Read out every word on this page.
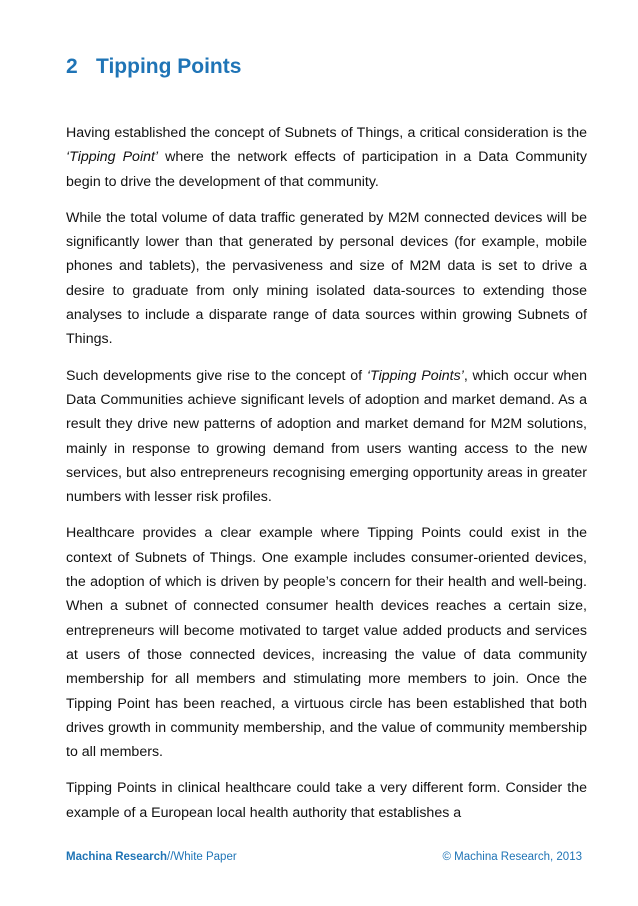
2 Tipping Points

Having established the concept of Subnets of Things, a critical consideration is the ‘Tipping Point’ where the network effects of participation in a Data Community begin to drive the development of that community.

While the total volume of data traffic generated by M2M connected devices will be significantly lower than that generated by personal devices (for example, mobile phones and tablets), the pervasiveness and size of M2M data is set to drive a desire to graduate from only mining isolated data-sources to extending those analyses to include a disparate range of data sources within growing Subnets of Things.

Such developments give rise to the concept of ‘Tipping Points’, which occur when Data Communities achieve significant levels of adoption and market demand. As a result they drive new patterns of adoption and market demand for M2M solutions, mainly in response to growing demand from users wanting access to the new services, but also entrepreneurs recognising emerging opportunity areas in greater numbers with lesser risk profiles.

Healthcare provides a clear example where Tipping Points could exist in the context of Subnets of Things. One example includes consumer-oriented devices, the adoption of which is driven by people’s concern for their health and well-being. When a subnet of connected consumer health devices reaches a certain size, entrepreneurs will become motivated to target value added products and services at users of those connected devices, increasing the value of data community membership for all members and stimulating more members to join. Once the Tipping Point has been reached, a virtuous circle has been established that both drives growth in community membership, and the value of community membership to all members.

Tipping Points in clinical healthcare could take a very different form. Consider the example of a European local health authority that establishes a

Machina Research//White Paper	© Machina Research, 2013
